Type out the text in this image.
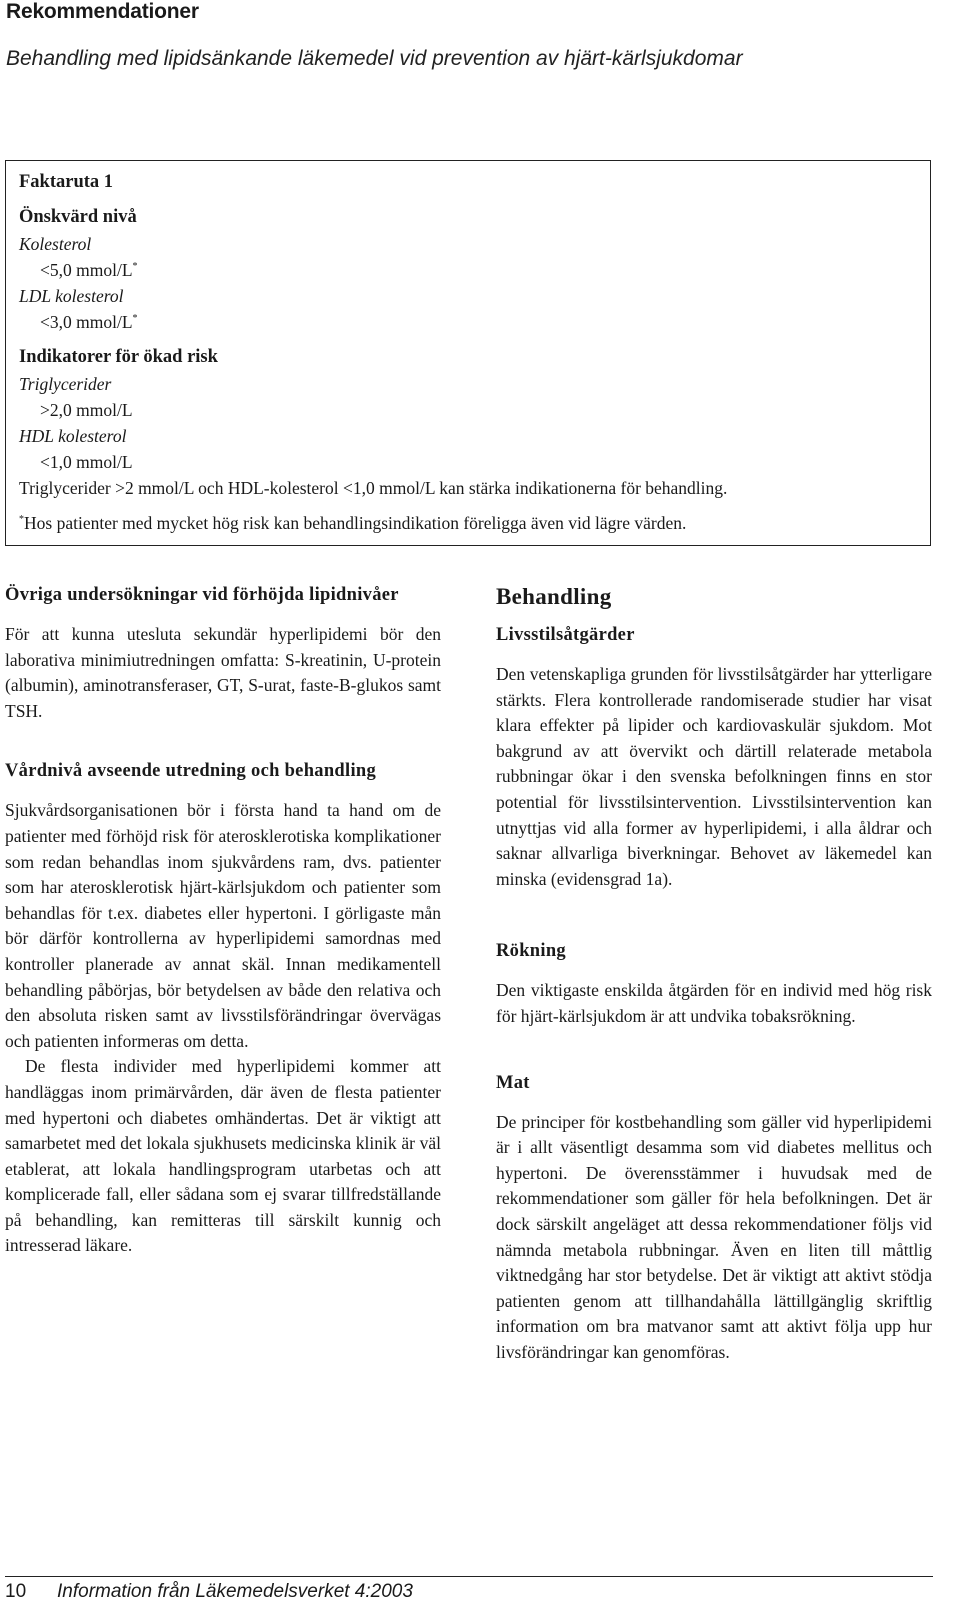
Rekommendationer
Behandling med lipidsänkande läkemedel vid prevention av hjärt-kärlsjukdomar
Faktaruta 1
Önskvärd nivå
Kolesterol
<5,0 mmol/L*
LDL kolesterol
<3,0 mmol/L*
Indikatorer för ökad risk
Triglycerider
>2,0 mmol/L
HDL kolesterol
<1,0 mmol/L
Triglycerider >2 mmol/L och HDL-kolesterol <1,0 mmol/L kan stärka indikationerna för behandling.
*Hos patienter med mycket hög risk kan behandlingsindikation föreligga även vid lägre värden.
Övriga undersökningar vid förhöjda lipidnivåer

För att kunna utesluta sekundär hyperlipidemi bör den laborativa minimiutredningen omfatta: S-kreatinin, U-protein (albumin), aminotransferaser, GT, S-urat, faste-B-glukos samt TSH.

Vårdnivå avseende utredning och behandling

Sjukvårdsorganisationen bör i första hand ta hand om de patienter med förhöjd risk för aterosklerotiska komplikationer som redan behandlas inom sjukvårdens ram, dvs. patienter som har aterosklerotisk hjärt-kärlsjukdom och patienter som behandlas för t.ex. diabetes eller hypertoni. I görligaste mån bör därför kontrollerna av hyperlipidemi samordnas med kontroller planerade av annat skäl. Innan medikamentell behandling påbörjas, bör betydelsen av både den relativa och den absoluta risken samt av livsstilsförändringar övervägas och patienten informeras om detta.

De flesta individer med hyperlipidemi kommer att handläggas inom primärvården, där även de flesta patienter med hypertoni och diabetes omhändertas. Det är viktigt att samarbetet med det lokala sjukhusets medicinska klinik är väl etablerat, att lokala handlingsprogram utarbetas och att komplicerade fall, eller sådana som ej svarar tillfredställande på behandling, kan remitteras till särskilt kunnig och intresserad läkare.

Behandling
Livsstilsåtgärder

Den vetenskapliga grunden för livsstilsåtgärder har ytterligare stärkts. Flera kontrollerade randomiserade studier har visat klara effekter på lipider och kardiovaskulär sjukdom. Mot bakgrund av att övervikt och därtill relaterade metabola rubbningar ökar i den svenska befolkningen finns en stor potential för livsstilsintervention. Livsstilsintervention kan utnyttjas vid alla former av hyperlipidemi, i alla åldrar och saknar allvarliga biverkningar. Behovet av läkemedel kan minska (evidensgrad 1a).

Rökning

Den viktigaste enskilda åtgärden för en individ med hög risk för hjärt-kärlsjukdom är att undvika tobaksrökning.

Mat

De principer för kostbehandling som gäller vid hyperlipidemi är i allt väsentligt desamma som vid diabetes mellitus och hypertoni. De överensstämmer i huvudsak med de rekommendationer som gäller för hela befolkningen. Det är dock särskilt angeläget att dessa rekommendationer följs vid nämnda metabola rubbningar. Även en liten till måttlig viktnedgång har stor betydelse. Det är viktigt att aktivt stödja patienten genom att tillhandahålla lättillgänglig skriftlig information om bra matvanor samt att aktivt följa upp hur livsförändringar kan genomföras.

10 Information från Läkemedelsverket 4:2003
